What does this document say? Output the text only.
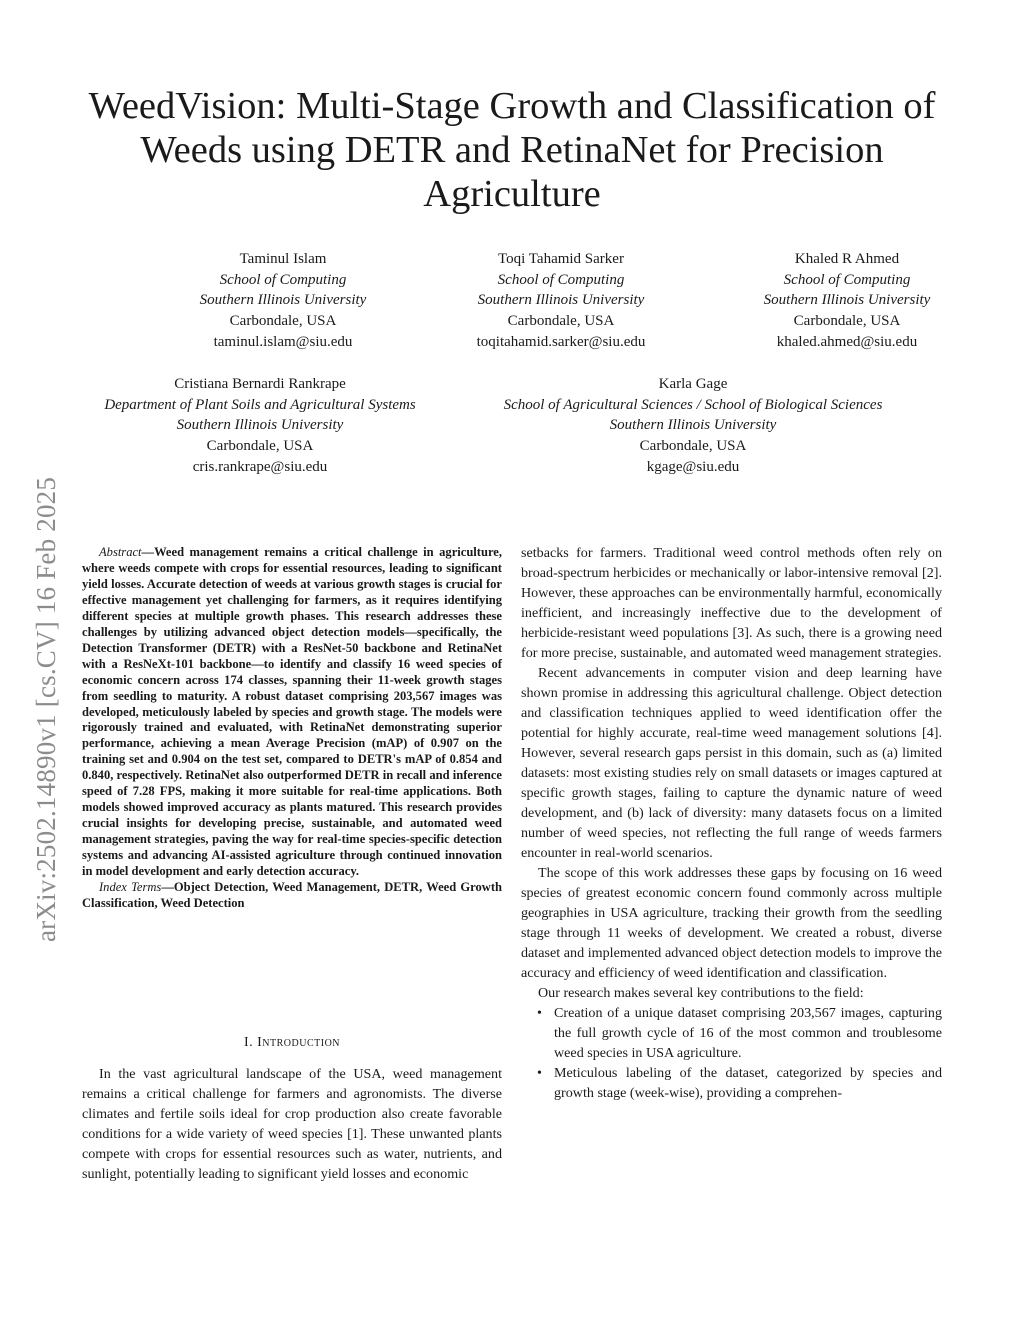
WeedVision: Multi-Stage Growth and Classification of Weeds using DETR and RetinaNet for Precision Agriculture
Taminul Islam
School of Computing
Southern Illinois University
Carbondale, USA
taminul.islam@siu.edu
Toqi Tahamid Sarker
School of Computing
Southern Illinois University
Carbondale, USA
toqitahamid.sarker@siu.edu
Khaled R Ahmed
School of Computing
Southern Illinois University
Carbondale, USA
khaled.ahmed@siu.edu
Cristiana Bernardi Rankrape
Department of Plant Soils and Agricultural Systems
Southern Illinois University
Carbondale, USA
cris.rankrape@siu.edu
Karla Gage
School of Agricultural Sciences / School of Biological Sciences
Southern Illinois University
Carbondale, USA
kgage@siu.edu
arXiv:2502.14890v1 [cs.CV] 16 Feb 2025	Abstract—Weed management remains a critical challenge in agriculture, where weeds compete with crops for essential resources, leading to significant yield losses. Accurate detection of weeds at various growth stages is crucial for effective management yet challenging for farmers, as it requires identifying different species at multiple growth phases. This research addresses these challenges by utilizing advanced object detection models—specifically, the Detection Transformer (DETR) with a ResNet-50 backbone and RetinaNet with a ResNeXt-101 backbone—to identify and classify 16 weed species of economic concern across 174 classes, spanning their 11-week growth stages from seedling to maturity. A robust dataset comprising 203,567 images was developed, meticulously labeled by species and growth stage. The models were rigorously trained and evaluated, with RetinaNet demonstrating superior performance, achieving a mean Average Precision (mAP) of 0.907 on the training set and 0.904 on the test set, compared to DETR's mAP of 0.854 and 0.840, respectively. RetinaNet also outperformed DETR in recall and inference speed of 7.28 FPS, making it more suitable for real-time applications. Both models showed improved accuracy as plants matured. This research provides crucial insights for developing precise, sustainable, and automated weed management strategies, paving the way for real-time species-specific detection systems and advancing AI-assisted agriculture through continued innovation in model development and early detection accuracy.

Index Terms—Object Detection, Weed Management, DETR, Weed Growth Classification, Weed Detection

I. Introduction

In the vast agricultural landscape of the USA, weed management remains a critical challenge for farmers and agronomists. The diverse climates and fertile soils ideal for crop production also create favorable conditions for a wide variety of weed species [1]. These unwanted plants compete with crops for essential resources such as water, nutrients, and sunlight, potentially leading to significant yield losses and economic

setbacks for farmers. Traditional weed control methods often rely on broad-spectrum herbicides or mechanically or labor-intensive removal [2]. However, these approaches can be environmentally harmful, economically inefficient, and increasingly ineffective due to the development of herbicide-resistant weed populations [3]. As such, there is a growing need for more precise, sustainable, and automated weed management strategies.

Recent advancements in computer vision and deep learning have shown promise in addressing this agricultural challenge. Object detection and classification techniques applied to weed identification offer the potential for highly accurate, real-time weed management solutions [4]. However, several research gaps persist in this domain, such as (a) limited datasets: most existing studies rely on small datasets or images captured at specific growth stages, failing to capture the dynamic nature of weed development, and (b) lack of diversity: many datasets focus on a limited number of weed species, not reflecting the full range of weeds farmers encounter in real-world scenarios.

The scope of this work addresses these gaps by focusing on 16 weed species of greatest economic concern found commonly across multiple geographies in USA agriculture, tracking their growth from the seedling stage through 11 weeks of development. We created a robust, diverse dataset and implemented advanced object detection models to improve the accuracy and efficiency of weed identification and classification.

Our research makes several key contributions to the field:

• Creation of a unique dataset comprising 203,567 images, capturing the full growth cycle of 16 of the most common and troublesome weed species in USA agriculture.
• Meticulous labeling of the dataset, categorized by species and growth stage (week-wise), providing a comprehen-
